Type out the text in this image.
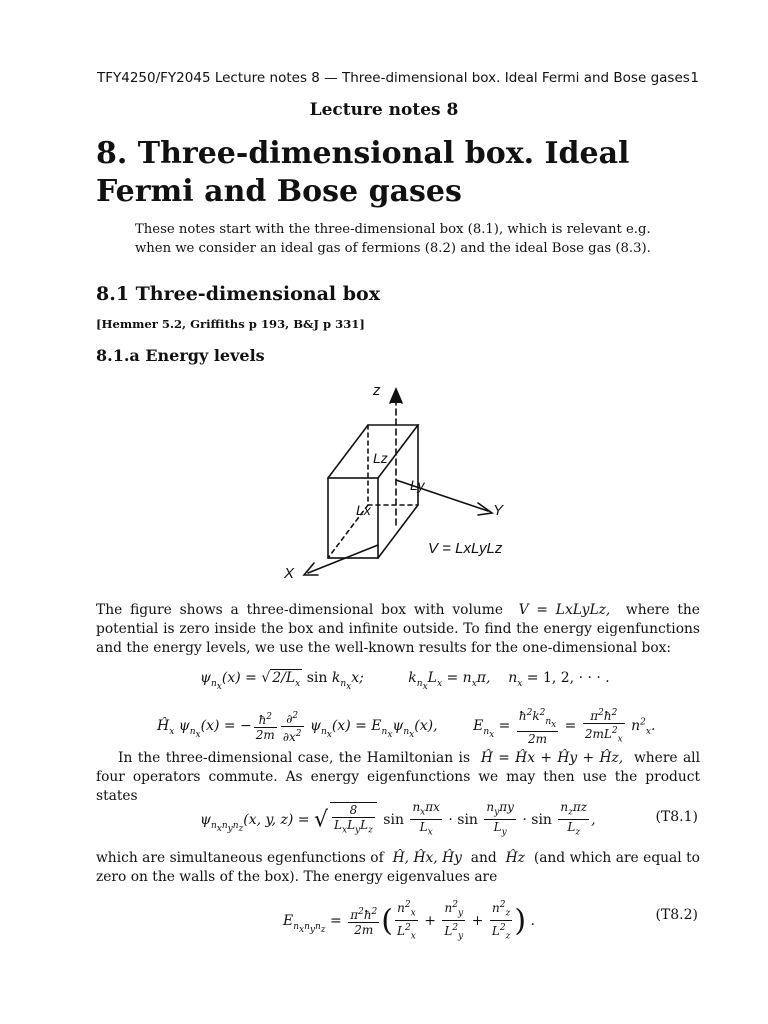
TFY4250/FY2045 Lecture notes 8 — Three-dimensional box. Ideal Fermi and Bose gases 1
Lecture notes 8
8. Three-dimensional box. Ideal Fermi and Bose gases

These notes start with the three-dimensional box (8.1), which is relevant e.g. when we consider an ideal gas of fermions (8.2) and the ideal Bose gas (8.3).

8.1 Three-dimensional box

[Hemmer 5.2, Griffiths p 193, B&J p 331]

8.1.a Energy levels
z
Y
X
Lz
Ly
Lx
V = LxLyLz

The figure shows a three-dimensional box with volume V = LxLyLz, where the potential is zero inside the box and infinite outside. To find the energy eigenfunctions and the energy levels, we use the well-known results for the one-dimensional box:

$\psi_{n_x}(x)$ = √ $2/L_x$ $\sin k_{n_x}x$;          $k_{n_x}L_x = n_x\pi$,    $n_x = 1$, 2, · · · .
$Ĥ_x$ $\psi_{n_x}(x)$ = − $\frac{ħ^2}{2m} \frac{\partial^2}{\partial x^2} \psi_{n_x}(x) = E_{n_x}\psi_{n_x}(x)$,        $E_{n_x} = \frac{ħ^2k^2_{n_x}}{2m} = \frac{\pi^2ħ^2}{2mL^2_x} n^2_x$.

In the three-dimensional case, the Hamiltonian is Ĥ = Ĥx + Ĥy + Ĥz, where all four operators commute. As energy eigenfunctions we may then use the product states

$\psi_{n_xn_yn_z}(x$, y, z) = √ $\frac{8}{L_xL_yL_z}$ $\sin \frac{n_x\pi x}{L_x} \cdot \sin \frac{n_y\pi y}{L_y} \cdot \sin \frac{n_z\pi z}{L_z}$ ,	(T8.1)

which are simultaneous egenfunctions of Ĥ, Ĥx, Ĥy and Ĥz (and which are equal to zero on the walls of the box). The energy eigenvalues are

$E_{n_xn_yn_z} = \frac{\pi^2ħ^2}{2m}$ ( $\frac{n^2_x}{L^2_x} + \frac{n^2_y}{L^2_y} + \frac{n^2_z}{L^2_z}$ ) .	(T8.2)
